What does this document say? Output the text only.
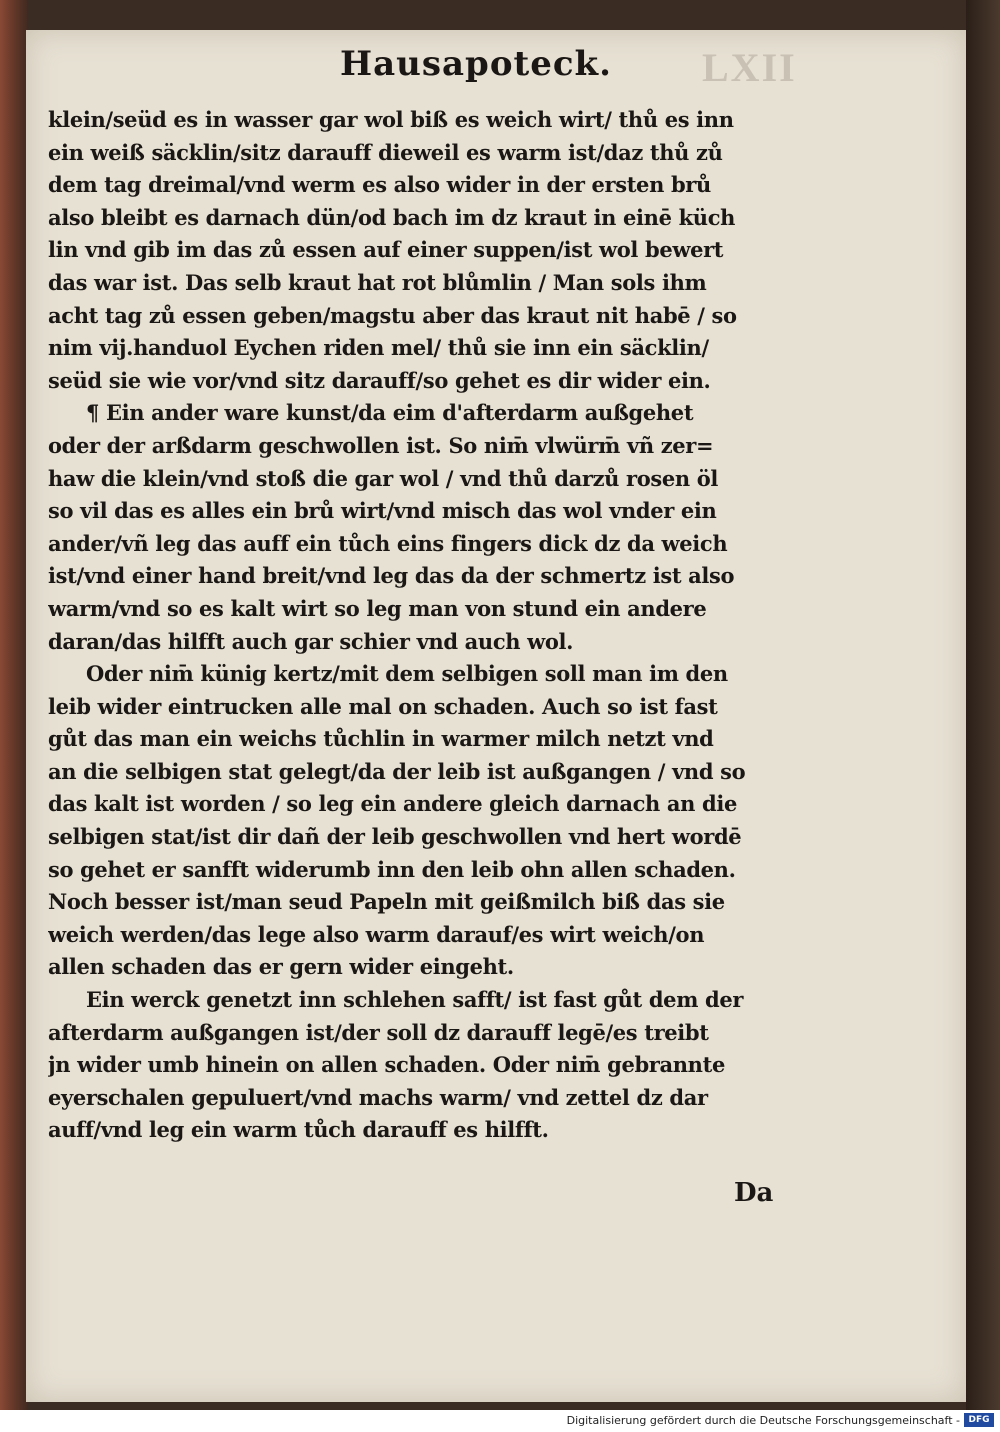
Hausapoteck. LXII
klein/seüd es in wasser gar wol biß es weich wirt/ thů es inn
ein weiß säcklin/sitz darauff dieweil es warm ist/daz thů zů
dem tag dreimal/vnd werm es also wider in der ersten brů
also bleibt es darnach dün/od bach im dz kraut in einē küch
lin vnd gib im das zů essen auf einer suppen/ist wol bewert
das war ist. Das selb kraut hat rot blůmlin / Man sols ihm
acht tag zů essen geben/magstu aber das kraut nit habē / so
nim vij.handuol Eychen riden mel/ thů sie inn ein säcklin/
seüd sie wie vor/vnd sitz darauff/so gehet es dir wider ein.
¶ Ein ander ware kunst/da eim d'afterdarm außgehet
oder der arßdarm geschwollen ist. So nim̄ vlwürm̄ vñ zer=
haw die klein/vnd stoß die gar wol / vnd thů darzů rosen öl
so vil das es alles ein brů wirt/vnd misch das wol vnder ein
ander/vñ leg das auff ein tůch eins fingers dick dz da weich
ist/vnd einer hand breit/vnd leg das da der schmertz ist also
warm/vnd so es kalt wirt so leg man von stund ein andere
daran/das hilfft auch gar schier vnd auch wol.
Oder nim̄ künig kertz/mit dem selbigen soll man im den
leib wider eintrucken alle mal on schaden. Auch so ist fast
gůt das man ein weichs tůchlin in warmer milch netzt vnd
an die selbigen stat gelegt/da der leib ist außgangen / vnd so
das kalt ist worden / so leg ein andere gleich darnach an die
selbigen stat/ist dir dañ der leib geschwollen vnd hert wordē
so gehet er sanfft widerumb inn den leib ohn allen schaden.
Noch besser ist/man seud Papeln mit geißmilch biß das sie
weich werden/das lege also warm darauf/es wirt weich/on
allen schaden das er gern wider eingeht.
Ein werck genetzt inn schlehen safft/ ist fast gůt dem der
afterdarm außgangen ist/der soll dz darauff legē/es treibt
jn wider umb hinein on allen schaden. Oder nim̄ gebrannte
eyerschalen gepuluert/vnd machs warm/ vnd zettel dz dar
auff/vnd leg ein warm tůch darauff es hilfft.
Da
Digitalisierung gefördert durch die Deutsche Forschungsgemeinschaft - DFG
